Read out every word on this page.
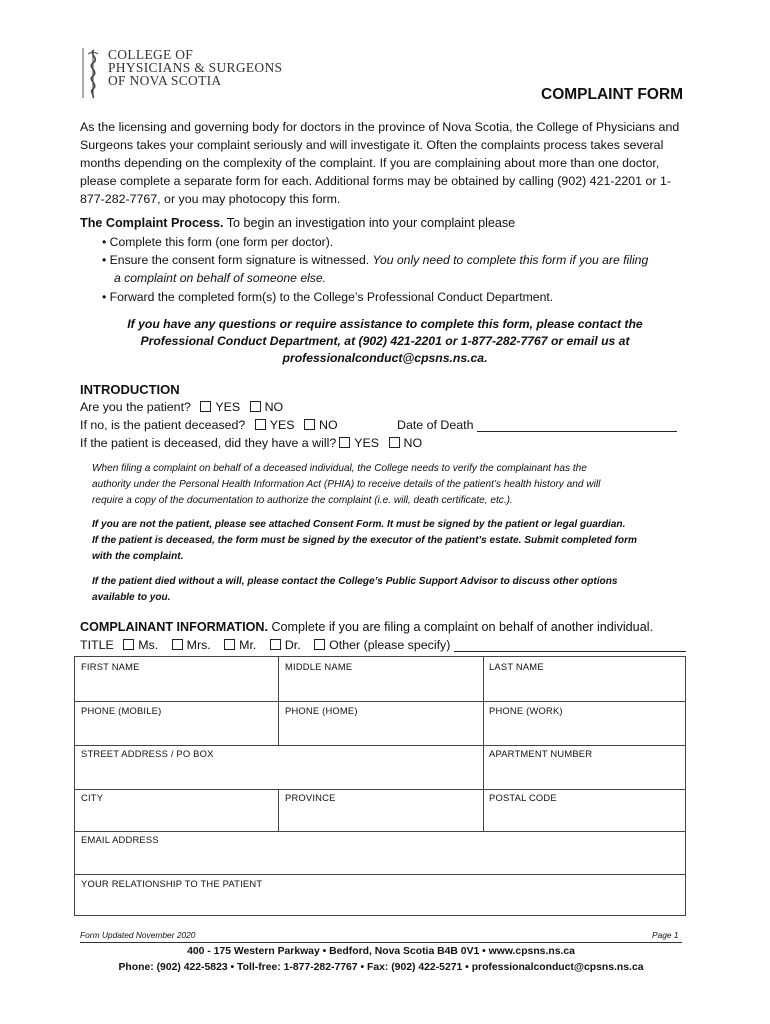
COLLEGE OF
PHYSICIANS & SURGEONS
OF NOVA SCOTIA
COMPLAINT FORM
As the licensing and governing body for doctors in the province of Nova Scotia, the College of Physicians and Surgeons takes your complaint seriously and will investigate it. Often the complaints process takes several months depending on the complexity of the complaint. If you are complaining about more than one doctor, please complete a separate form for each. Additional forms may be obtained by calling (902) 421-2201 or 1-877-282-7767, or you may photocopy this form.
The Complaint Process. To begin an investigation into your complaint please
• Complete this form (one form per doctor).
• Ensure the consent form signature is witnessed. You only need to complete this form if you are filing
a complaint on behalf of someone else.
• Forward the completed form(s) to the College’s Professional Conduct Department.
If you have any questions or require assistance to complete this form, please contact the
Professional Conduct Department, at (902) 421-2201 or 1-877-282-7767 or email us at
professionalconduct@cpsns.ns.ca.
INTRODUCTION
Are you the patient? YES NO
If no, is the patient deceased? YES NO	Date of Death
If the patient is deceased, did they have a will? YES NO
When filing a complaint on behalf of a deceased individual, the College needs to verify the complainant has the
authority under the Personal Health Information Act (PHIA) to receive details of the patient’s health history and will
require a copy of the documentation to authorize the complaint (i.e. will, death certificate, etc.).
If you are not the patient, please see attached Consent Form. It must be signed by the patient or legal guardian.
If the patient is deceased, the form must be signed by the executor of the patient’s estate. Submit completed form
with the complaint.
If the patient died without a will, please contact the College’s Public Support Advisor to discuss other options
available to you.
COMPLAINANT INFORMATION. Complete if you are filing a complaint on behalf of another individual.
TITLE Ms. Mrs. Mr. Dr. Other (please specify)
FIRST NAME	MIDDLE NAME	LAST NAME
PHONE (MOBILE)	PHONE (HOME)	PHONE (WORK)
STREET ADDRESS / PO BOX	APARTMENT NUMBER
CITY	PROVINCE	POSTAL CODE
EMAIL ADDRESS
YOUR RELATIONSHIP TO THE PATIENT
Form Updated November 2020	Page 1
400 - 175 Western Parkway • Bedford, Nova Scotia B4B 0V1 • www.cpsns.ns.ca
Phone: (902) 422-5823 • Toll-free: 1-877-282-7767 • Fax: (902) 422-5271 • professionalconduct@cpsns.ns.ca
